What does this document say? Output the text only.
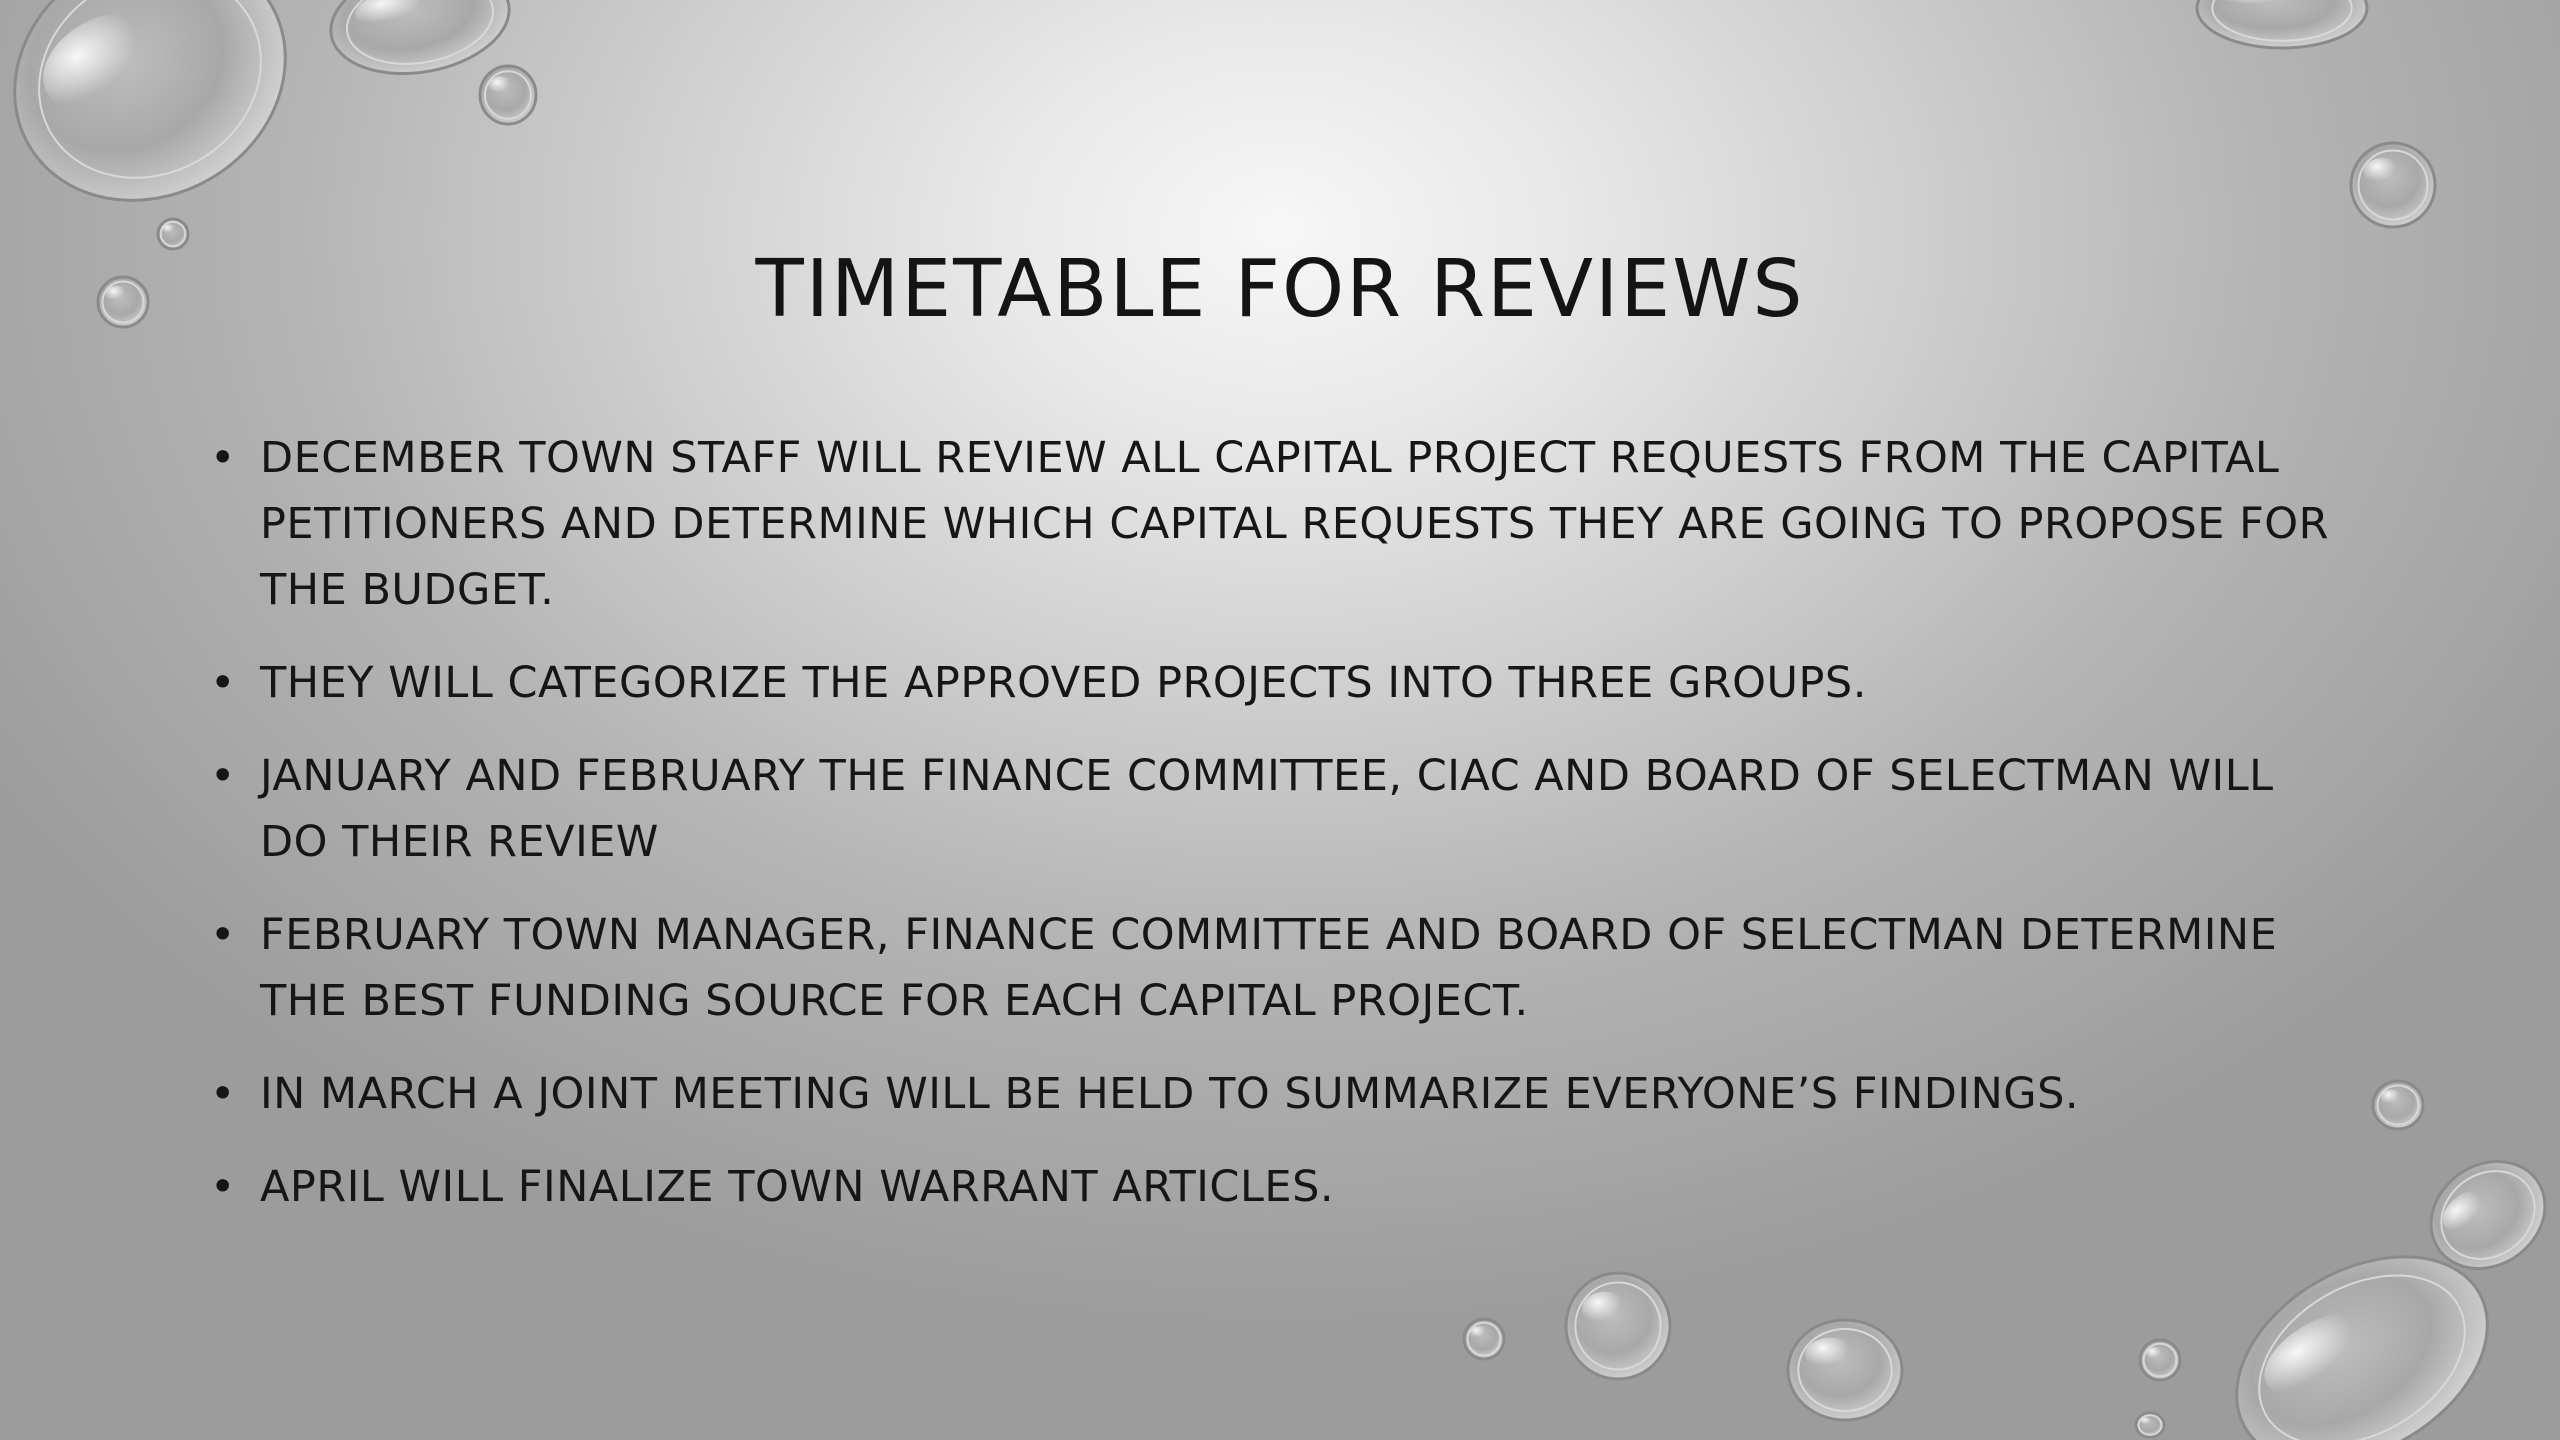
TIMETABLE FOR REVIEWS
• DECEMBER TOWN STAFF WILL REVIEW ALL CAPITAL PROJECT REQUESTS FROM THE CAPITAL PETITIONERS AND DETERMINE WHICH CAPITAL REQUESTS THEY ARE GOING TO PROPOSE FOR THE BUDGET.
• THEY WILL CATEGORIZE THE APPROVED PROJECTS INTO THREE GROUPS.
• JANUARY AND FEBRUARY THE FINANCE COMMITTEE, CIAC AND BOARD OF SELECTMAN WILL DO THEIR REVIEW
• FEBRUARY TOWN MANAGER, FINANCE COMMITTEE AND BOARD OF SELECTMAN DETERMINE THE BEST FUNDING SOURCE FOR EACH CAPITAL PROJECT.
• IN MARCH A JOINT MEETING WILL BE HELD TO SUMMARIZE EVERYONE’S FINDINGS.
• APRIL WILL FINALIZE TOWN WARRANT ARTICLES.
